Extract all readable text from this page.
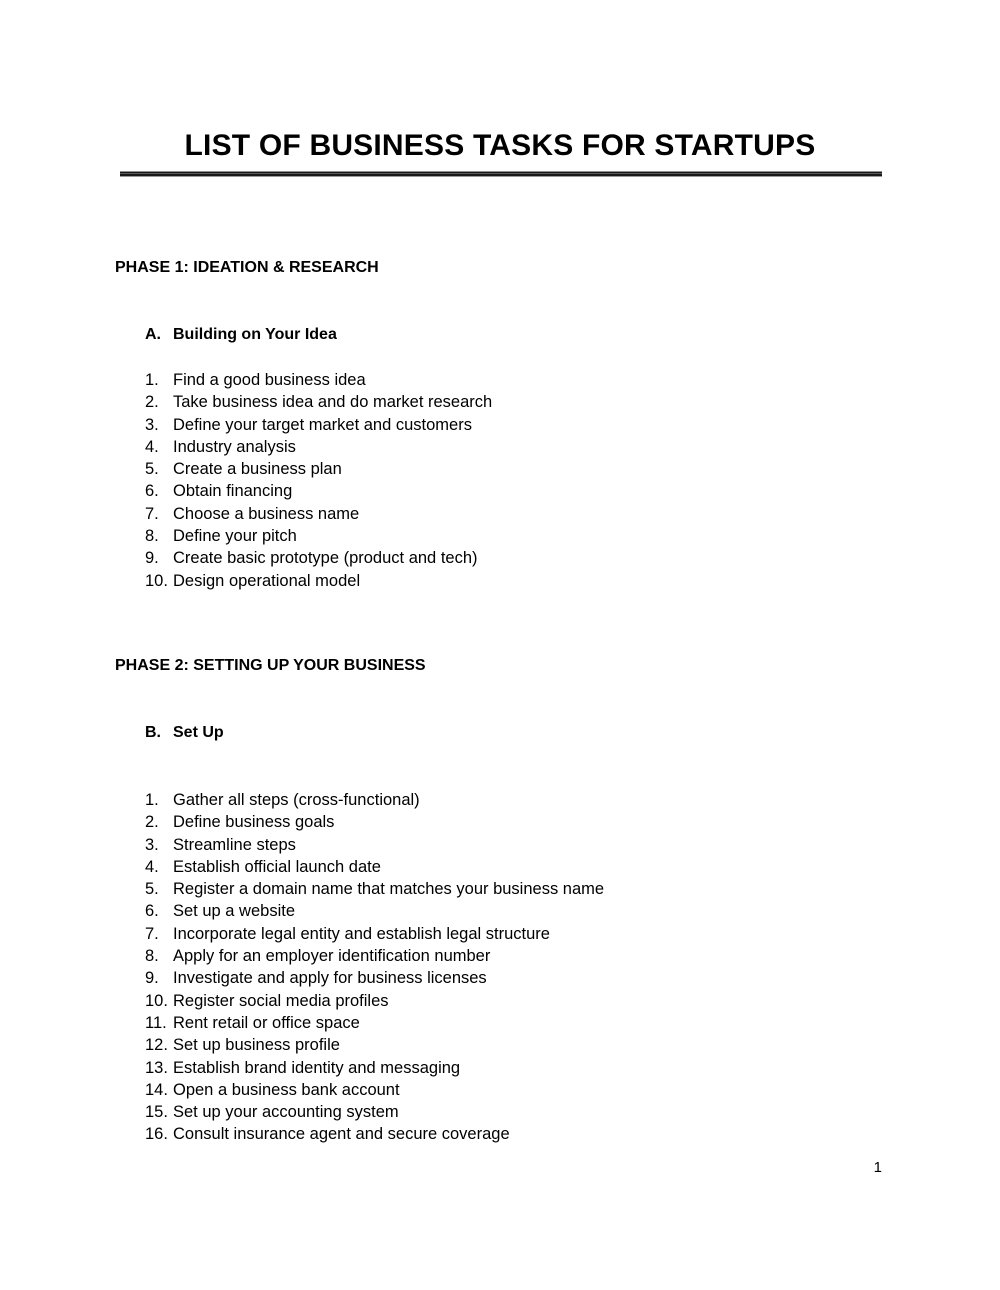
LIST OF BUSINESS TASKS FOR STARTUPS
PHASE 1: IDEATION & RESEARCH
A. Building on Your Idea
1. Find a good business idea
2. Take business idea and do market research
3. Define your target market and customers
4. Industry analysis
5. Create a business plan
6. Obtain financing
7. Choose a business name
8. Define your pitch
9. Create basic prototype (product and tech)
10. Design operational model
PHASE 2: SETTING UP YOUR BUSINESS
B. Set Up
1. Gather all steps (cross-functional)
2. Define business goals
3. Streamline steps
4. Establish official launch date
5. Register a domain name that matches your business name
6. Set up a website
7. Incorporate legal entity and establish legal structure
8. Apply for an employer identification number
9. Investigate and apply for business licenses
10. Register social media profiles
11. Rent retail or office space
12. Set up business profile
13. Establish brand identity and messaging
14. Open a business bank account
15. Set up your accounting system
16. Consult insurance agent and secure coverage
1
